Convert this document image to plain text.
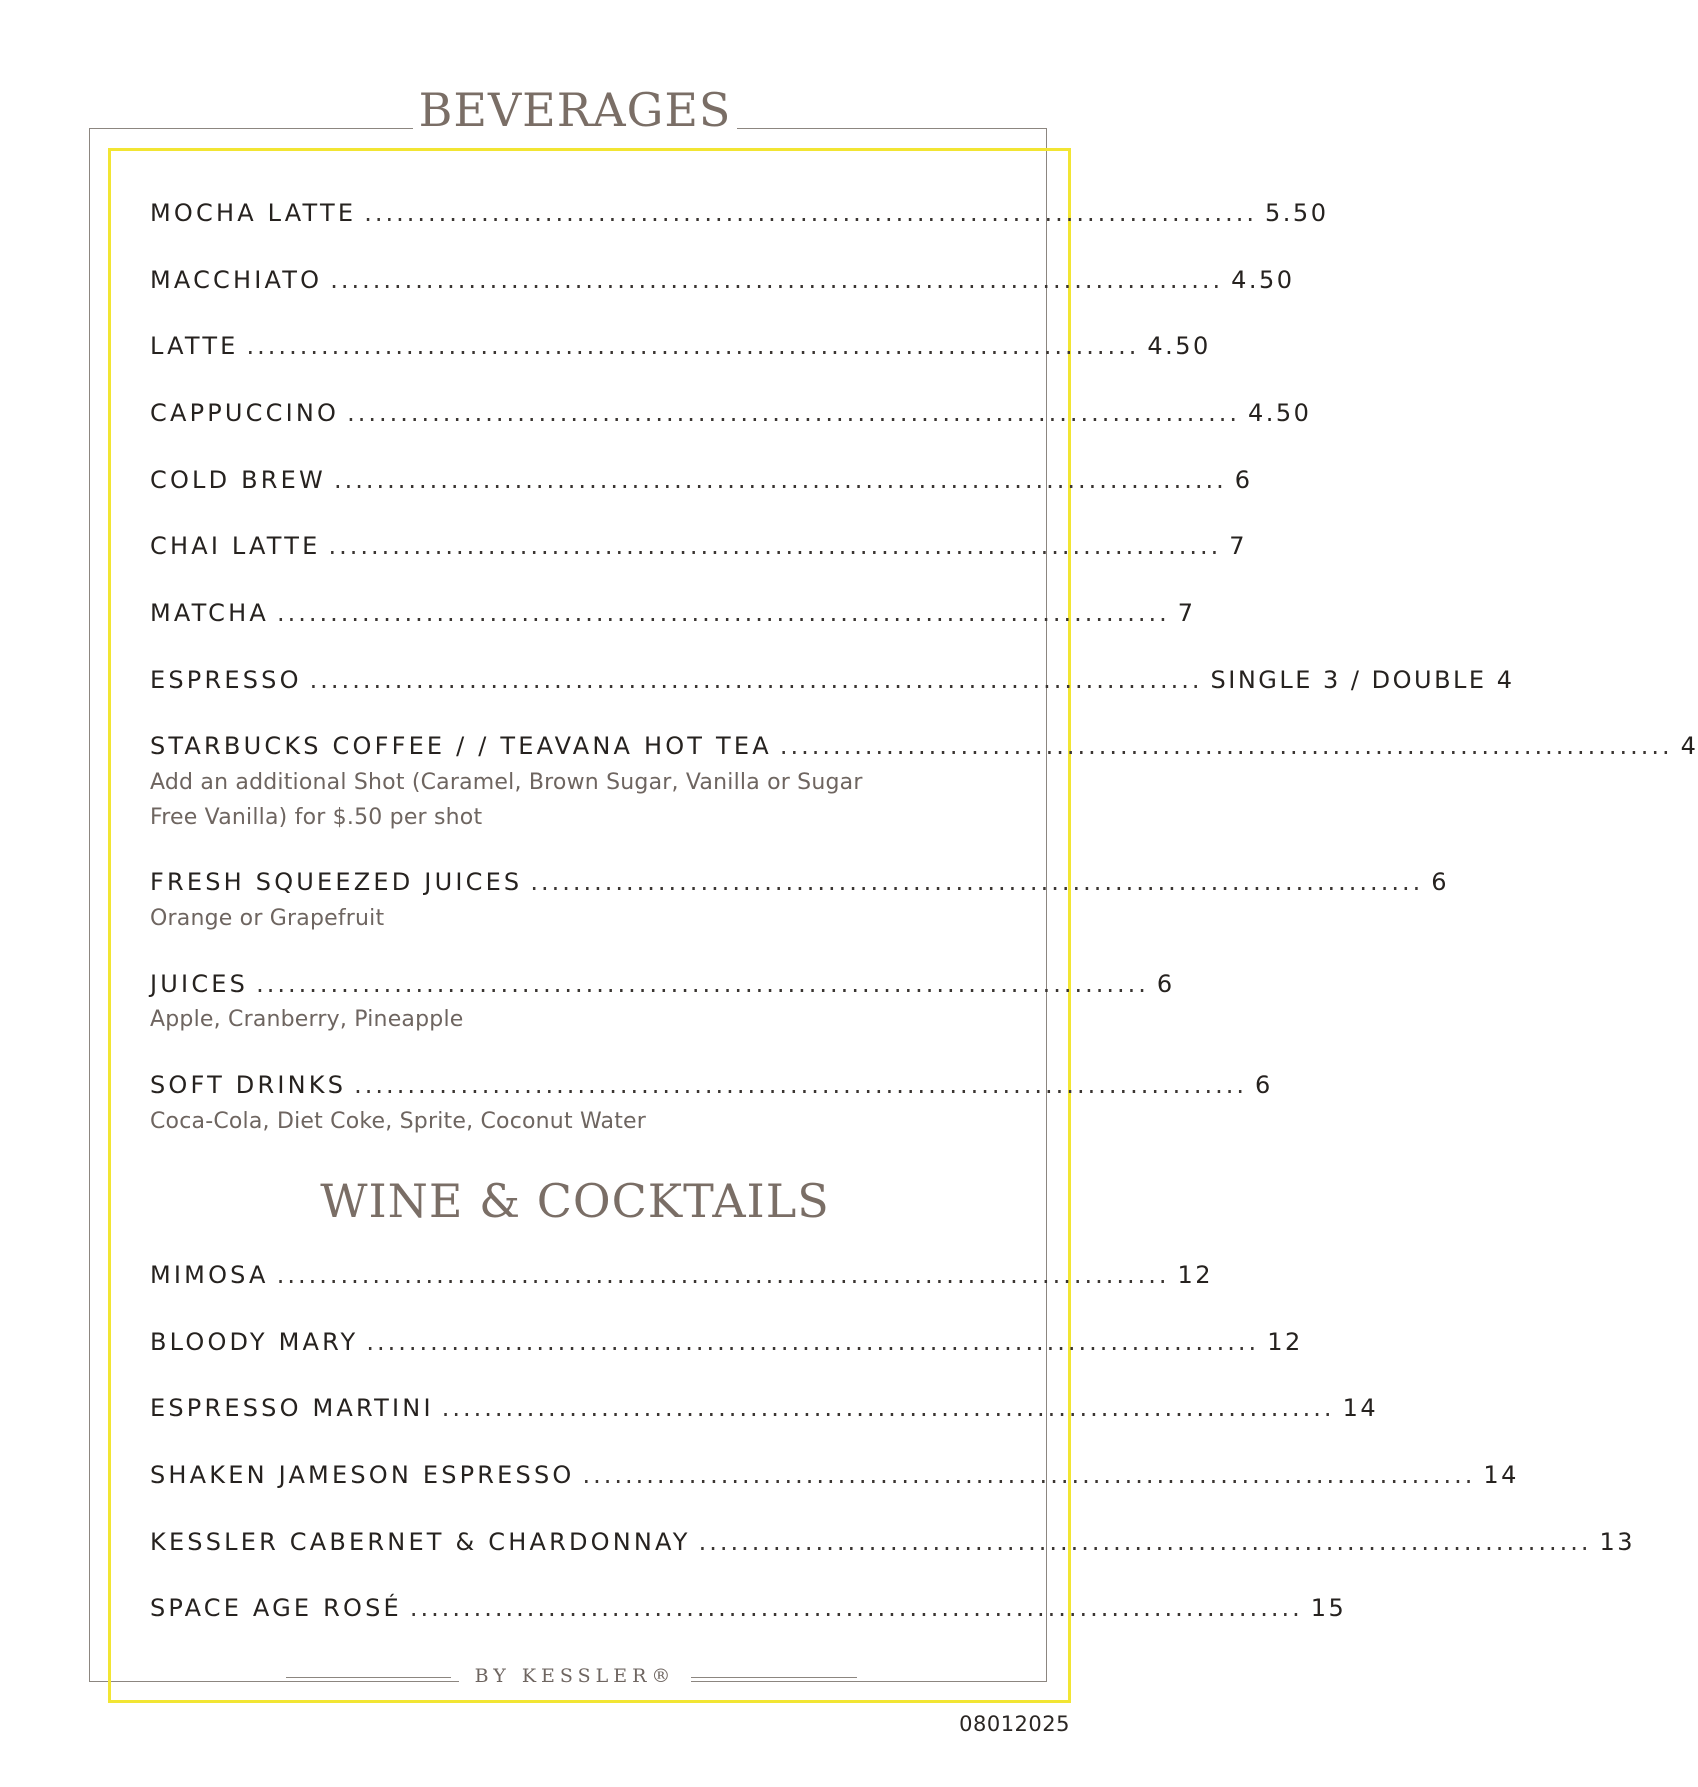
BEVERAGES
MOCHA LATTE .................................................................................... 5.50
MACCHIATO .................................................................................... 4.50
LATTE .................................................................................... 4.50
CAPPUCCINO .................................................................................... 4.50
COLD BREW .................................................................................... 6
CHAI LATTE .................................................................................... 7
MATCHA .................................................................................... 7
ESPRESSO .................................................................................... SINGLE 3 / DOUBLE 4
STARBUCKS COFFEE / / TEAVANA HOT TEA .................................................................................... 4
Add an additional Shot (Caramel, Brown Sugar, Vanilla or Sugar
Free Vanilla) for $.50 per shot
FRESH SQUEEZED JUICES .................................................................................... 6
Orange or Grapefruit
JUICES .................................................................................... 6
Apple, Cranberry, Pineapple
SOFT DRINKS .................................................................................... 6
Coca-Cola, Diet Coke, Sprite, Coconut Water
WINE & COCKTAILS
MIMOSA .................................................................................... 12
BLOODY MARY .................................................................................... 12
ESPRESSO MARTINI .................................................................................... 14
SHAKEN JAMESON ESPRESSO .................................................................................... 14
KESSLER CABERNET & CHARDONNAY .................................................................................... 13
SPACE AGE ROSÉ .................................................................................... 15
BY KESSLER®
08012025
